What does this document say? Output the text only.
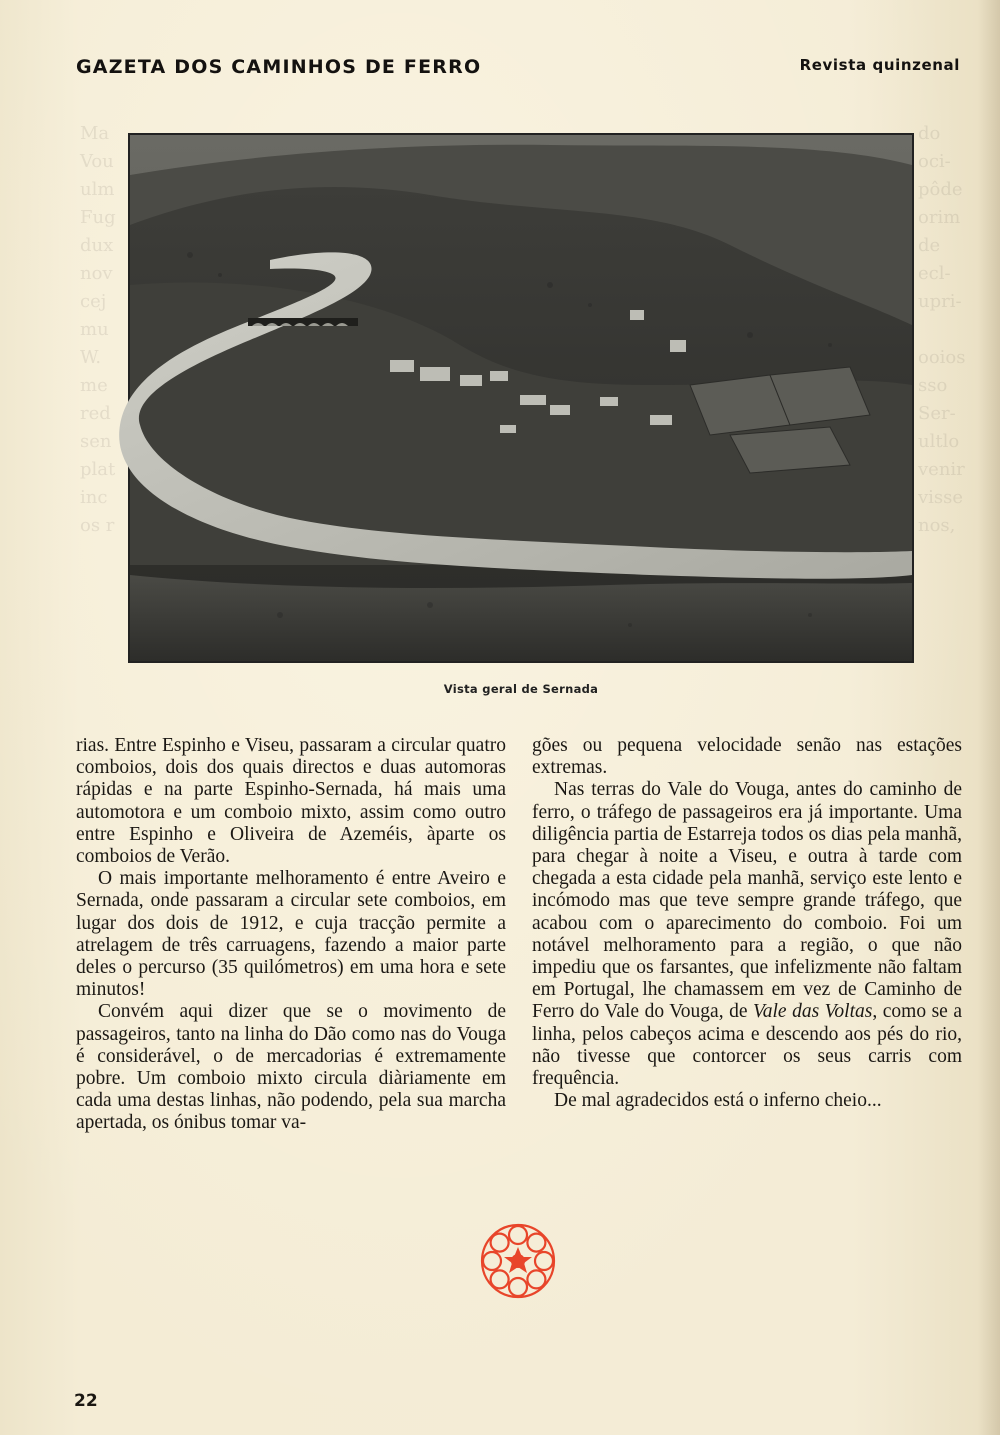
Ma
Vou
ulm
Fug
dux
nov
cej
mu
W.
me
red
sen
plat
inc
os r
do
oci-
pôde
orim
de
ecl-
upri-

ooios
sso
Ser-
ultlo
venir
visse
nos,
GAZETA DOS CAMINHOS DE FERRO	Revista quinzenal
Vista geral de Sernada

rias. Entre Espinho e Viseu, passaram a circular quatro comboios, dois dos quais directos e duas automoras rápidas e na parte Espinho-Sernada, há mais uma automotora e um comboio mixto, assim como outro entre Espinho e Oliveira de Azeméis, àparte os comboios de Verão.

O mais importante melhoramento é entre Aveiro e Sernada, onde passaram a circular sete comboios, em lugar dos dois de 1912, e cuja tracção permite a atrelagem de três carruagens, fazendo a maior parte deles o percurso (35 quilómetros) em uma hora e sete minutos!

Convém aqui dizer que se o movimento de passageiros, tanto na linha do Dão como nas do Vouga é considerável, o de mercadorias é extremamente pobre. Um comboio mixto circula diàriamente em cada uma destas linhas, não podendo, pela sua marcha apertada, os ónibus tomar va-

gões ou pequena velocidade senão nas estações extremas.

Nas terras do Vale do Vouga, antes do caminho de ferro, o tráfego de passageiros era já importante. Uma diligência partia de Estarreja todos os dias pela manhã, para chegar à noite a Viseu, e outra à tarde com chegada a esta cidade pela manhã, serviço este lento e incómodo mas que teve sempre grande tráfego, que acabou com o aparecimento do comboio. Foi um notável melhoramento para a região, o que não impediu que os farsantes, que infelizmente não faltam em Portugal, lhe chamassem em vez de Caminho de Ferro do Vale do Vouga, de Vale das Voltas, como se a linha, pelos cabeços acima e descendo aos pés do rio, não tivesse que contorcer os seus carris com frequência.

De mal agradecidos está o inferno cheio...

22
